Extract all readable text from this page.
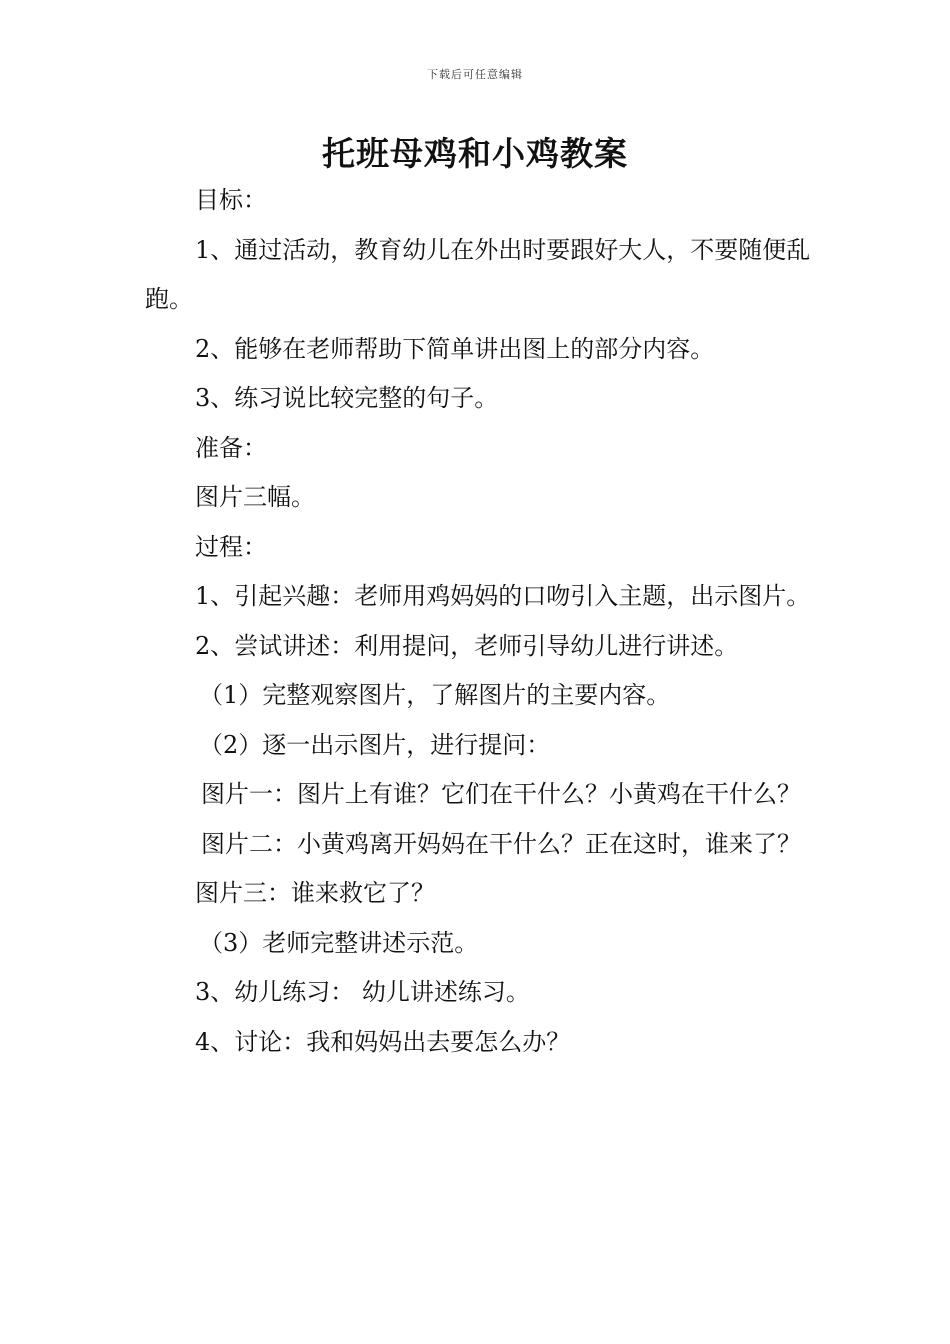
下载后可任意编辑
托班母鸡和小鸡教案

目标：

1、通过活动，教育幼儿在外出时要跟好大人，不要随便乱跑。

2、能够在老师帮助下简单讲出图上的部分内容。

3、练习说比较完整的句子。

准备：

图片三幅。

过程：

1、引起兴趣：老师用鸡妈妈的口吻引入主题，出示图片。

2、尝试讲述：利用提问，老师引导幼儿进行讲述。

（1）完整观察图片，了解图片的主要内容。

（2）逐一出示图片，进行提问：

图片一：图片上有谁？它们在干什么？小黄鸡在干什么？

图片二：小黄鸡离开妈妈在干什么？正在这时，谁来了？

图片三：谁来救它了？

（3）老师完整讲述示范。

3、幼儿练习： 幼儿讲述练习。

4、讨论：我和妈妈出去要怎么办？
